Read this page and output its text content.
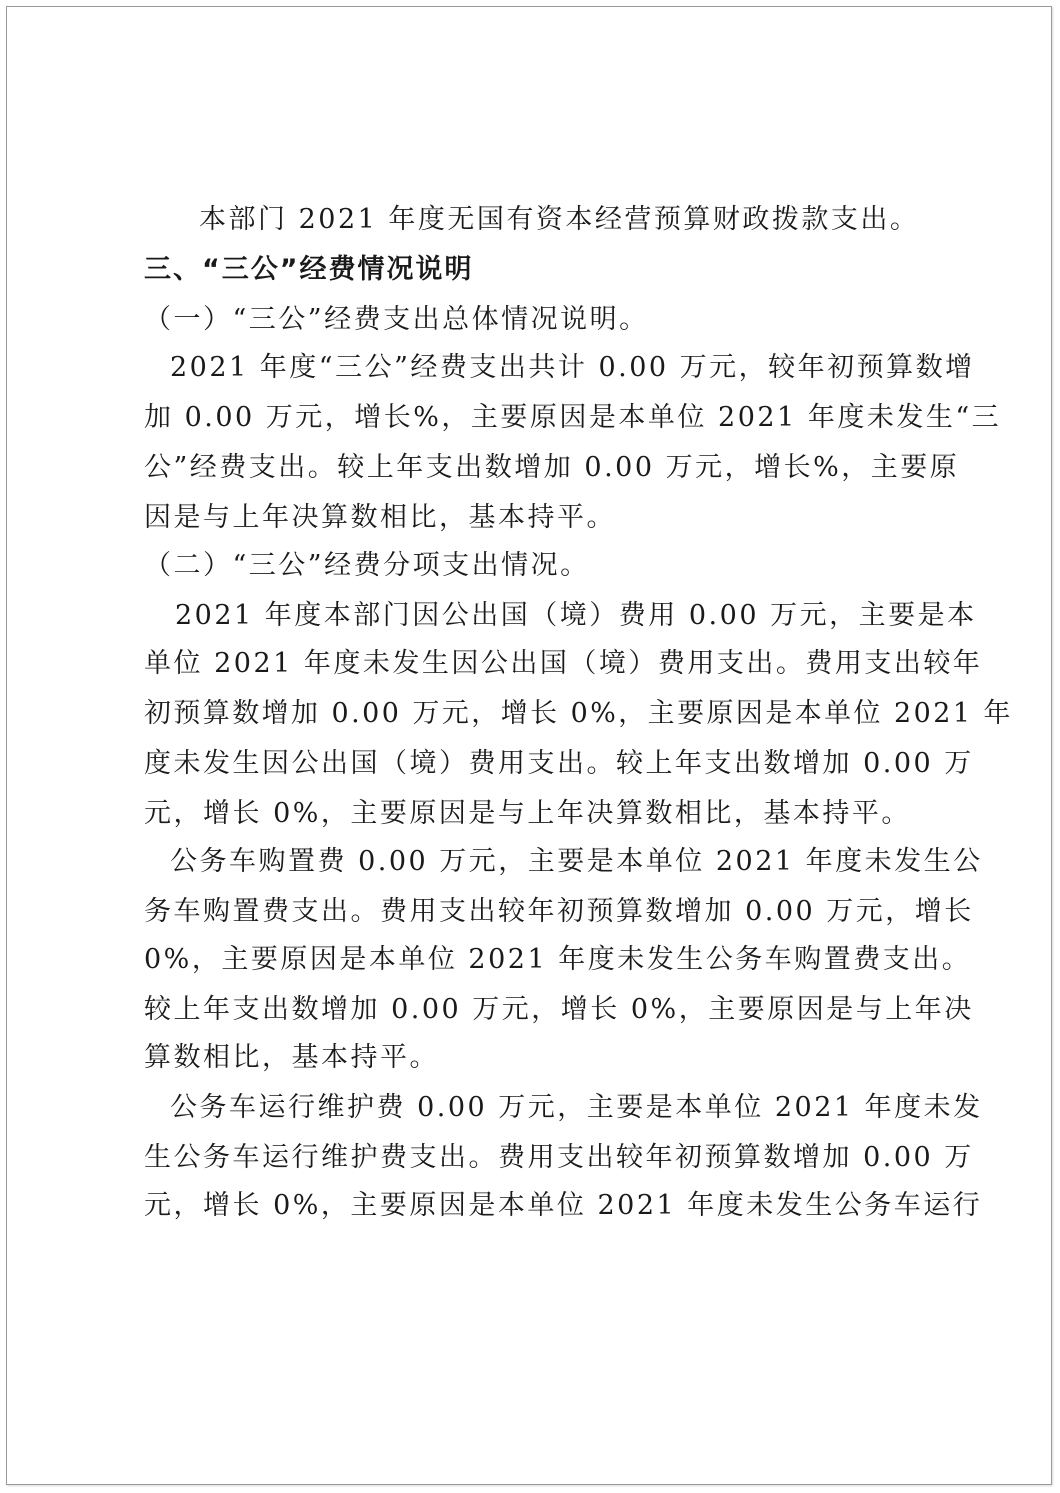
本部门 2021 年度无国有资本经营预算财政拨款支出。
三、“三公”经费情况说明
（一）“三公”经费支出总体情况说明。
2021 年度“三公”经费支出共计 0.00 万元，较年初预算数增
加 0.00 万元，增长%，主要原因是本单位 2021 年度未发生“三
公”经费支出。较上年支出数增加 0.00 万元，增长%，主要原
因是与上年决算数相比，基本持平。
（二）“三公”经费分项支出情况。
2021 年度本部门因公出国（境）费用 0.00 万元，主要是本
单位 2021 年度未发生因公出国（境）费用支出。费用支出较年
初预算数增加 0.00 万元，增长 0%，主要原因是本单位 2021 年
度未发生因公出国（境）费用支出。较上年支出数增加 0.00 万
元，增长 0%，主要原因是与上年决算数相比，基本持平。
公务车购置费 0.00 万元，主要是本单位 2021 年度未发生公
务车购置费支出。费用支出较年初预算数增加 0.00 万元，增长
0%，主要原因是本单位 2021 年度未发生公务车购置费支出。
较上年支出数增加 0.00 万元，增长 0%，主要原因是与上年决
算数相比，基本持平。
公务车运行维护费 0.00 万元，主要是本单位 2021 年度未发
生公务车运行维护费支出。费用支出较年初预算数增加 0.00 万
元，增长 0%，主要原因是本单位 2021 年度未发生公务车运行
